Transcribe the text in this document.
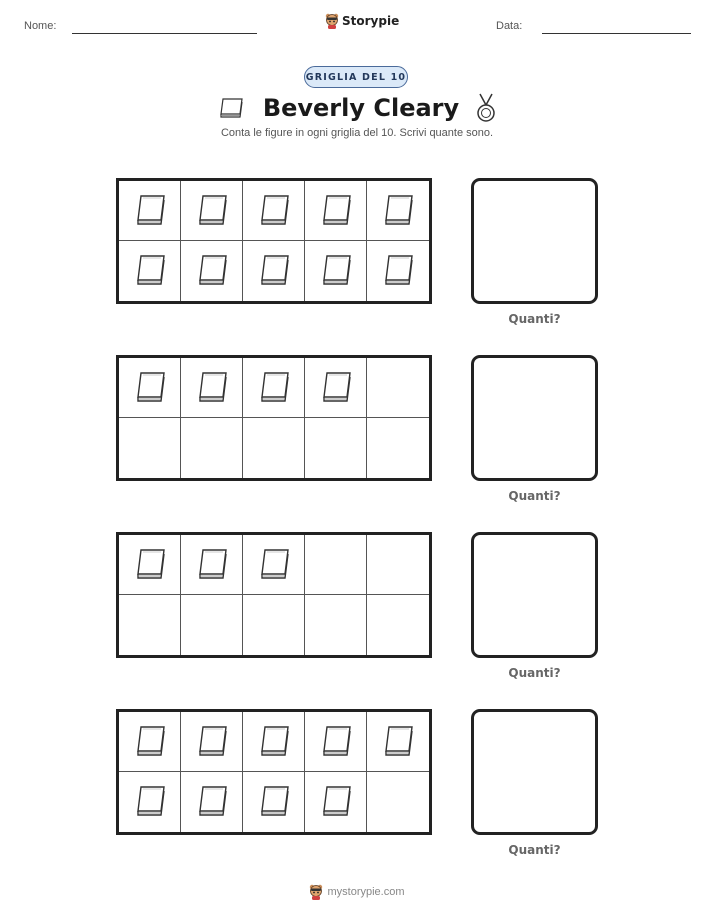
Nome:	Storypie	Data:
GRIGLIA DEL 10
Beverly Cleary
Conta le figure in ogni griglia del 10. Scrivi quante sono.
Quanti?
Quanti?
Quanti?
Quanti?
mystorypie.com
